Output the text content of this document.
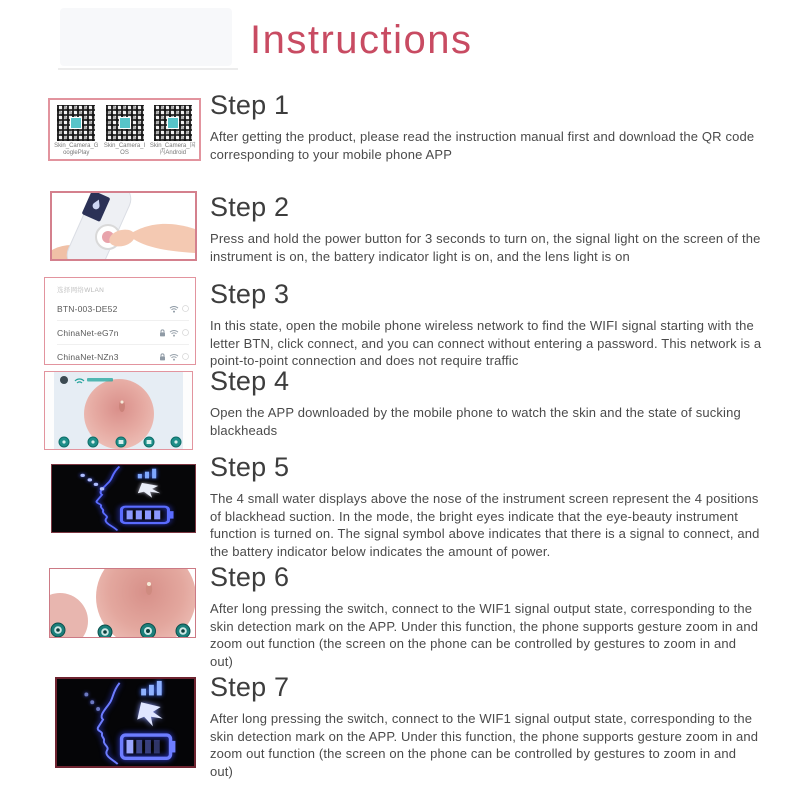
Instructions
Skin_Camera_GooglePlay
Skin_Camera_IOS
Skin_Camera_国内Android
Step 1

After getting the product, please read the instruction manual first and download the QR code corresponding to your mobile phone APP

Step 2

Press and hold the power button for 3 seconds to turn on, the signal light on the screen of the instrument is on, the battery indicator light is on, and the lens light is on

选择网络WLAN
BTN-003-DE52
ChinaNet-eG7n
ChinaNet-NZn3
Step 3

In this state, open the mobile phone wireless network to find the WIFI signal starting with the letter BTN, click connect, and you can connect without entering a password. This network is a point-to-point connection and does not require traffic

Step 4

Open the APP downloaded by the mobile phone to watch the skin and the state of sucking blackheads

Step 5

The 4 small water displays above the nose of the instrument screen represent the 4 positions of blackhead suction. In the mode, the bright eyes indicate that the eye-beauty instrument function is turned on. The signal symbol above indicates that there is a signal to connect, and the battery indicator below indicates the amount of power.

Step 6

After long pressing the switch, connect to the WIF1 signal output state, corresponding to the skin detection mark on the APP. Under this function, the phone supports gesture zoom in and zoom out function (the screen on the phone can be controlled by gestures to zoom in and out)

Step 7

After long pressing the switch, connect to the WIF1 signal output state, corresponding to the skin detection mark on the APP. Under this function, the phone supports gesture zoom in and zoom out function (the screen on the phone can be controlled by gestures to zoom in and out)
